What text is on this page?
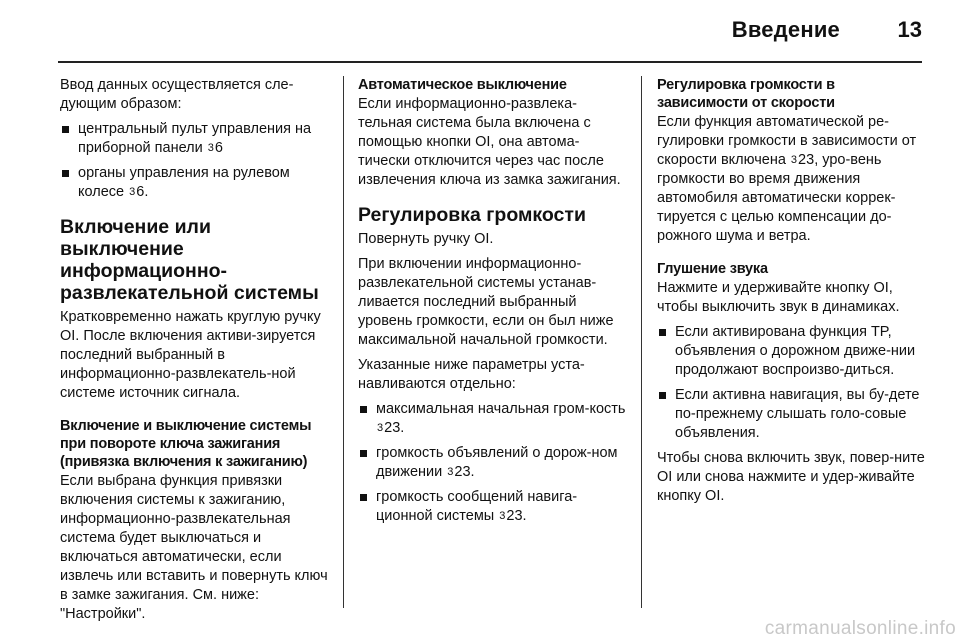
Введение	13

Ввод данных осуществляется сле-дующим образом:

центральный пульт управления на приборной панели 36
органы управления на рулевом колесе 36.
Включение или выключение информационно-развлекательной системы

Кратковременно нажать круглую ручку OI. После включения активи-зируется последний выбранный в информационно-развлекатель-ной системе источник сигнала.

Включение и выключение системы при повороте ключа зажигания (привязка включения к зажиганию)

Если выбрана функция привязки включения системы к зажиганию, информационно-развлекательная система будет выключаться и включаться автоматически, если извлечь или вставить и повернуть ключ в замке зажигания. См. ниже: "Настройки".

Автоматическое выключение

Если информационно-развлека-тельная система была включена с помощью кнопки OI, она автома-тически отключится через час после извлечения ключа из замка зажигания.

Регулировка громкости

Повернуть ручку OI.

При включении информационно-развлекательной системы устанав-ливается последний выбранный уровень громкости, если он был ниже максимальной начальной громкости.

Указанные ниже параметры уста-навливаются отдельно:

максимальная начальная гром-кость 323.
громкость объявлений о дорож-ном движении 323.
громкость сообщений навига-ционной системы 323.
Регулировка громкости в зависимости от скорости

Если функция автоматической ре-гулировки громкости в зависимости от скорости включена 323, уро-вень громкости во время движения автомобиля автоматически коррек-тируется с целью компенсации до-рожного шума и ветра.

Глушение звука

Нажмите и удерживайте кнопку OI, чтобы выключить звук в динамиках.

Если активирована функция TP, объявления о дорожном движе-нии продолжают воспроизво-диться.
Если активна навигация, вы бу-дете по-прежнему слышать голо-совые объявления.

Чтобы снова включить звук, повер-ните OI или снова нажмите и удер-живайте кнопку OI.

carmanualsonline.info
